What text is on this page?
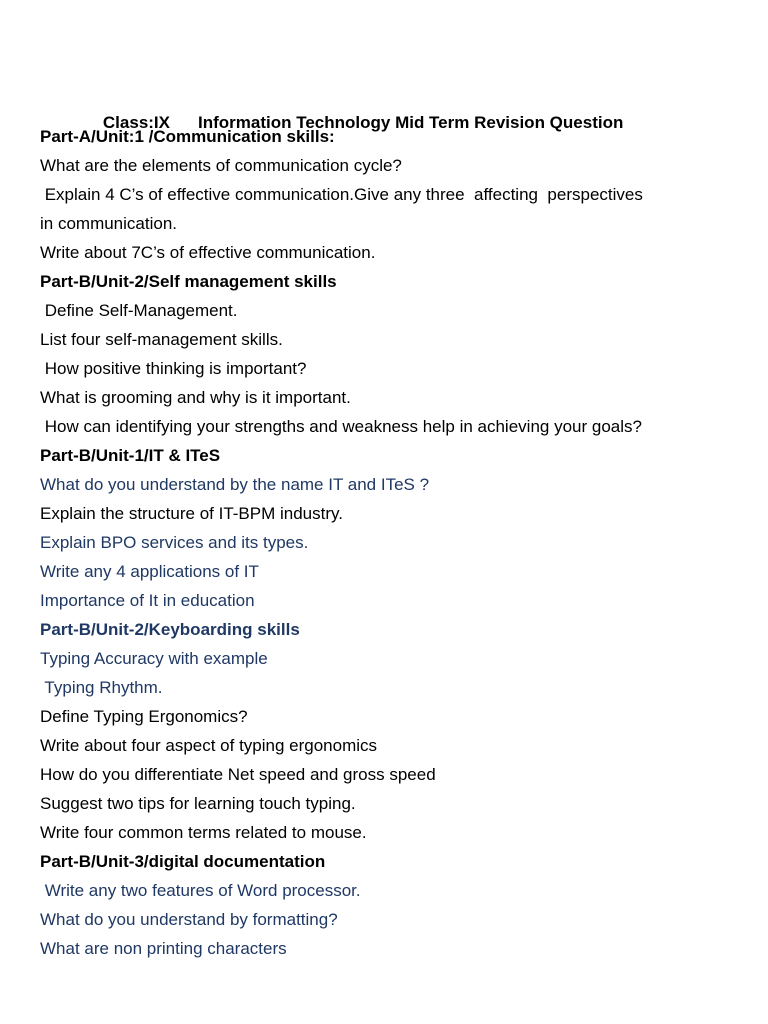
Class:IX Information Technology Mid Term Revision Question

Part-A/Unit:1 /Communication skills:
What are the elements of communication cycle?
Explain 4 C’s of effective communication.Give any three  affecting  perspectives
in communication.
Write about 7C’s of effective communication.
Part-B/Unit-2/Self management skills
Define Self-Management.
List four self-management skills.
How positive thinking is important?
What is grooming and why is it important.
How can identifying your strengths and weakness help in achieving your goals?
Part-B/Unit-1/IT & ITeS
What do you understand by the name IT and ITeS ?
Explain the structure of IT-BPM industry.
Explain BPO services and its types.
Write any 4 applications of IT
Importance of It in education
Part-B/Unit-2/Keyboarding skills
Typing Accuracy with example
Typing Rhythm.
Define Typing Ergonomics?
Write about four aspect of typing ergonomics
How do you differentiate Net speed and gross speed
Suggest two tips for learning touch typing.
Write four common terms related to mouse.
Part-B/Unit-3/digital documentation
Write any two features of Word processor.
What do you understand by formatting?
What are non printing characters
